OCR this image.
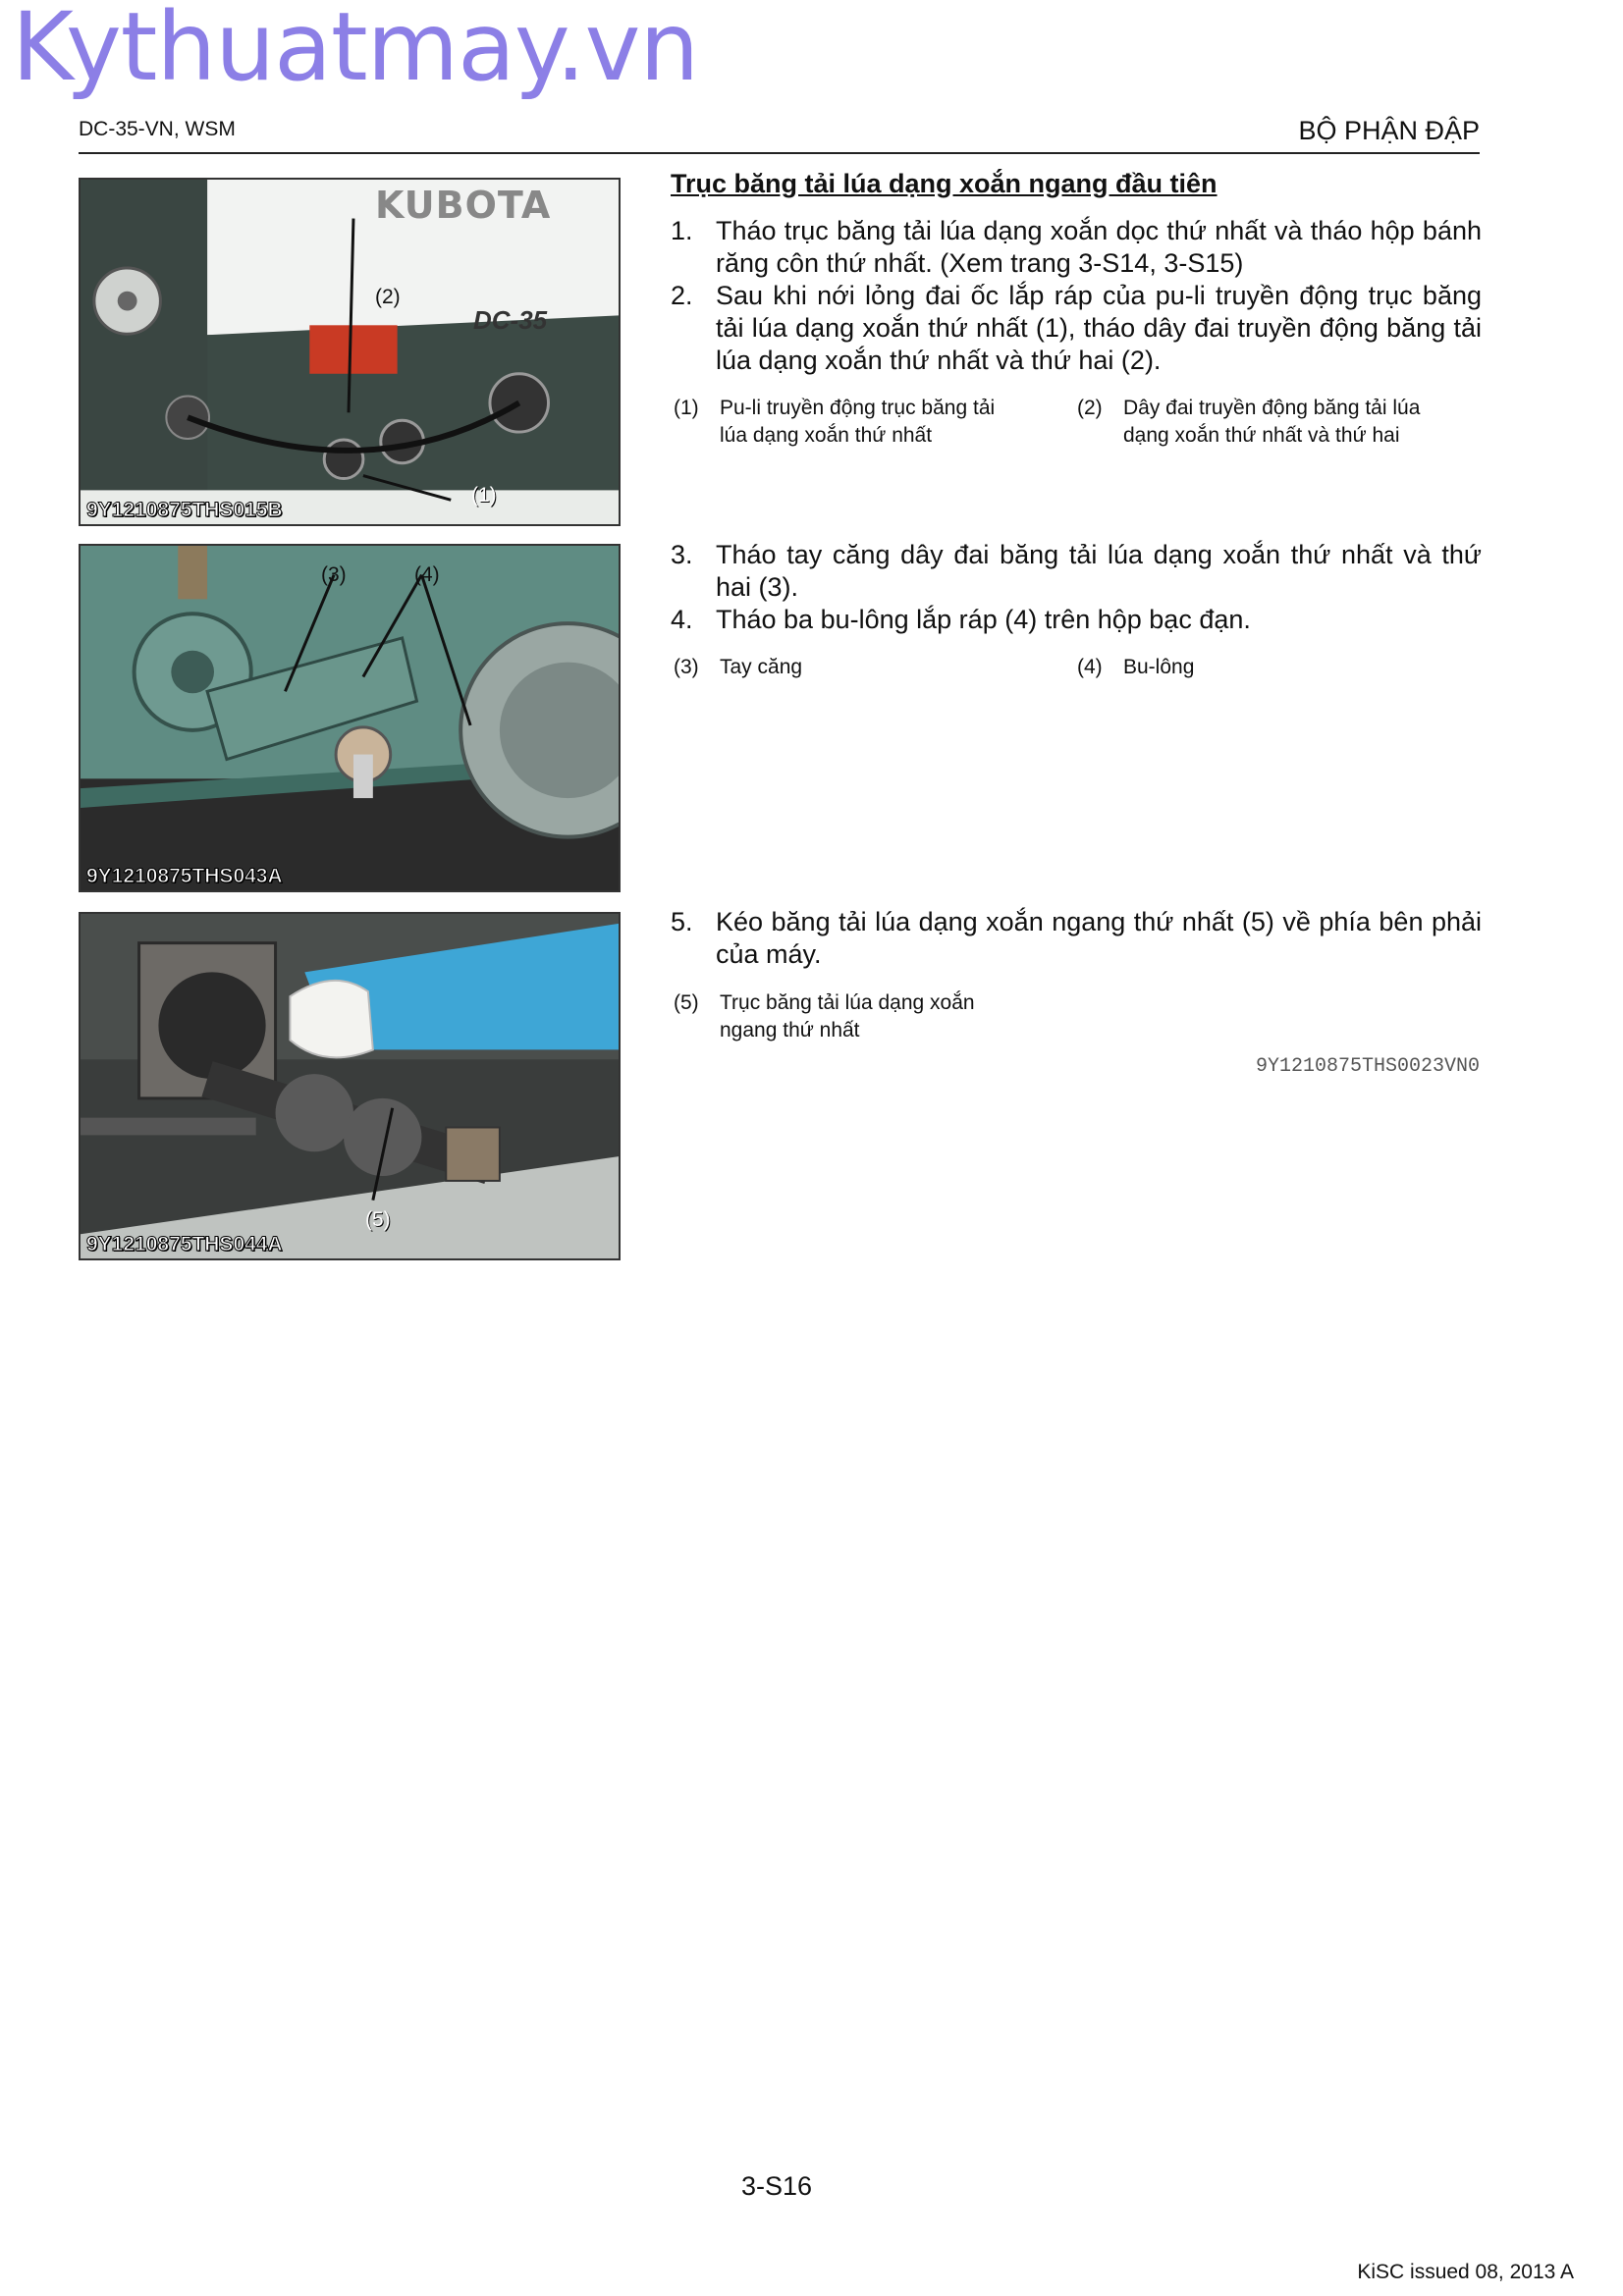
Kythuatmay.vn
DC-35-VN, WSM	BỘ PHẬN ĐẬP
KUBOTA
DC-35
(2)
(1)
9Y1210875THS015B
(3)	(4)
9Y1210875THS043A
(5)
9Y1210875THS044A
Trục băng tải lúa dạng xoắn ngang đầu tiên
1. Tháo trục băng tải lúa dạng xoắn dọc thứ nhất và tháo hộp bánh răng côn thứ nhất. (Xem trang 3-S14, 3-S15)
2. Sau khi nới lỏng đai ốc lắp ráp của pu-li truyền động trục băng tải lúa dạng xoắn thứ nhất (1), tháo dây đai truyền động băng tải lúa dạng xoắn thứ nhất và thứ hai (2).
(1) Pu-li truyền động trục băng tải lúa dạng xoắn thứ nhất
(2) Dây đai truyền động băng tải lúa dạng xoắn thứ nhất và thứ hai
3. Tháo tay căng dây đai băng tải lúa dạng xoắn thứ nhất và thứ hai (3).
4. Tháo ba bu-lông lắp ráp (4) trên hộp bạc đạn.
(3) Tay căng	(4) Bu-lông
5. Kéo băng tải lúa dạng xoắn ngang thứ nhất (5) về phía bên phải của máy.
(5) Trục băng tải lúa dạng xoắn ngang thứ nhất
9Y1210875THS0023VN0
3-S16
KiSC issued 08, 2013 A
